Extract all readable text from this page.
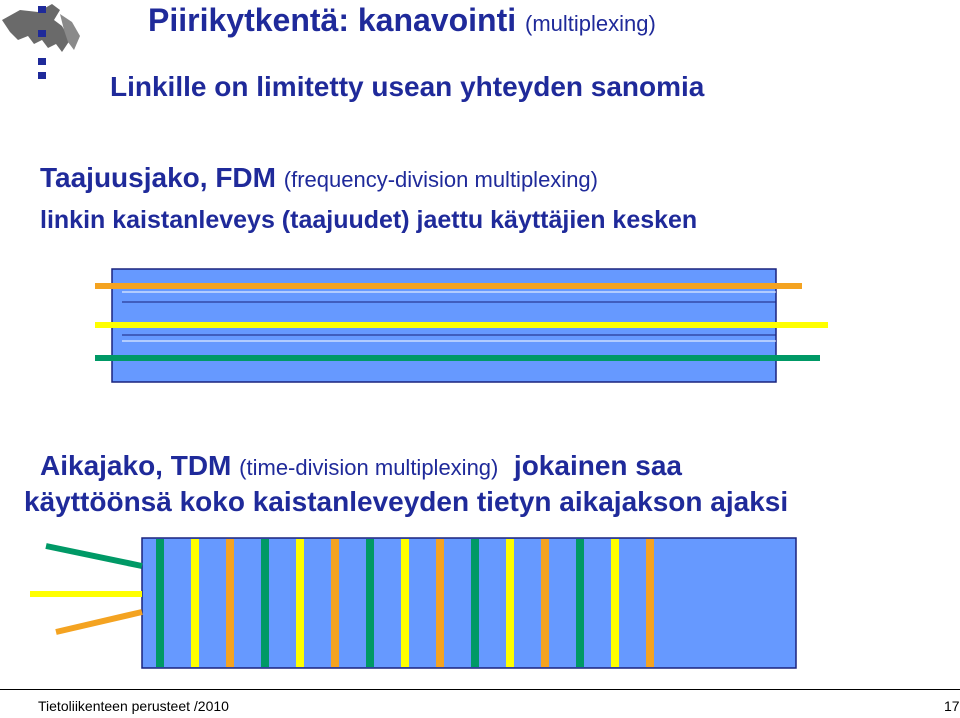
Piirikytkentä: kanavointi (multiplexing)
Linkille on limitetty usean yhteyden sanomia
Taajuusjako, FDM (frequency-division multiplexing)
linkin kaistanleveys (taajuudet) jaettu käyttäjien kesken
Aikajako, TDM (time-division multiplexing)  jokainen saa
käyttöönsä koko kaistanleveyden tietyn aikajakson ajaksi
Tietoliikenteen perusteet /2010	17
